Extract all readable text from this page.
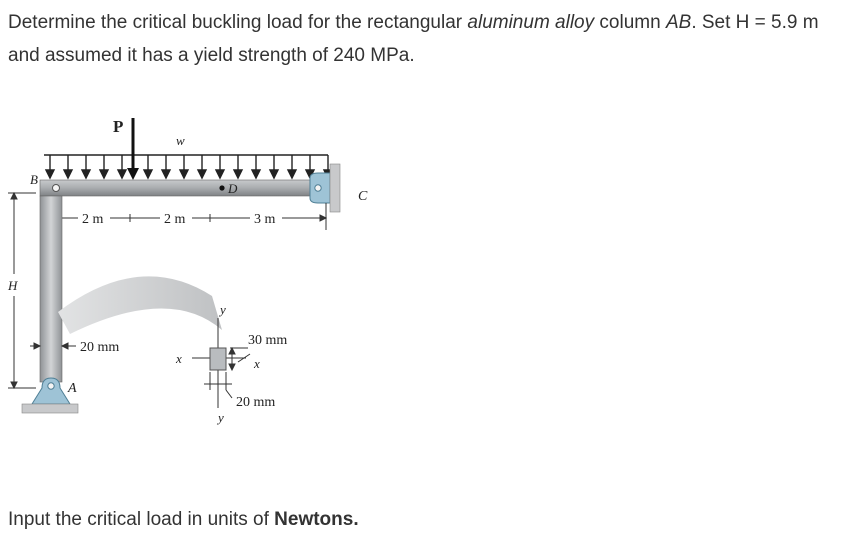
Determine the critical buckling load for the rectangular aluminum alloy column AB. Set H = 5.9 m and assumed it has a yield strength of 240 MPa.
P
w
D
C
B
2 m	2 m	3 m
A
H
20 mm
y
y
x	x
30 mm
20 mm
Input the critical load in units of Newtons.
